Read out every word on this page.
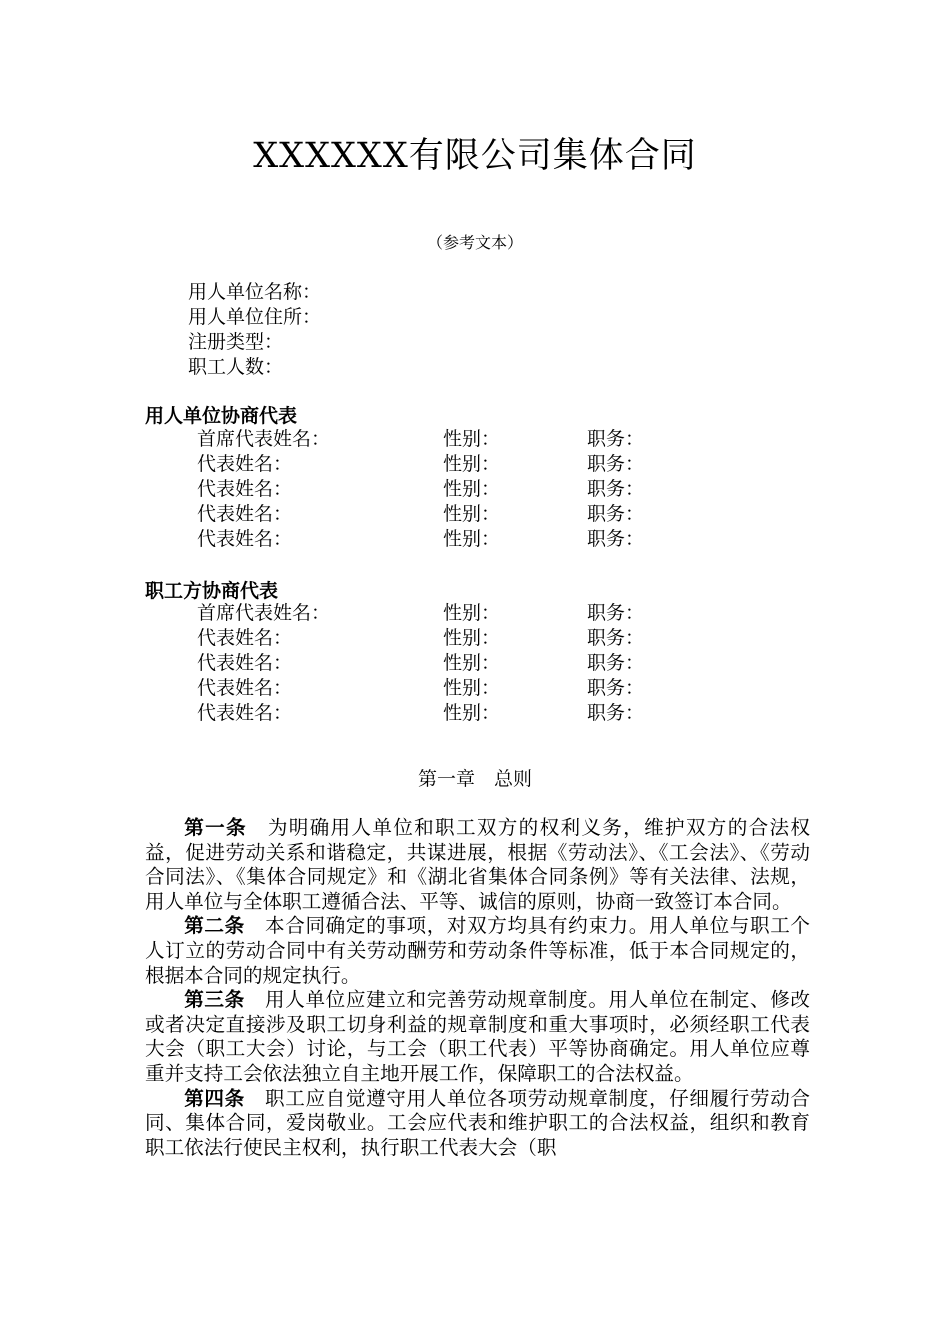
XXXXXX有限公司集体合同
（参考文本）
用人单位名称：
用人单位住所：
注册类型：
职工人数：
用人单位协商代表
首席代表姓名：	性别：	职务：
代表姓名：	性别：	职务：
代表姓名：	性别：	职务：
代表姓名：	性别：	职务：
代表姓名：	性别：	职务：
职工方协商代表
首席代表姓名：	性别：	职务：
代表姓名：	性别：	职务：
代表姓名：	性别：	职务：
代表姓名：	性别：	职务：
代表姓名：	性别：	职务：
第一章　总则

第一条　 为明确用人单位和职工双方的权利义务，维护双方的合法权益，促进劳动关系和谐稳定，共谋进展，根据《劳动法》、《工会法》、《劳动合同法》、《集体合同规定》和《湖北省集体合同条例》等有关法律、法规，用人单位与全体职工遵循合法、平等、诚信的原则，协商一致签订本合同。

第二条　 本合同确定的事项，对双方均具有约束力。用人单位与职工个人订立的劳动合同中有关劳动酬劳和劳动条件等标准，低于本合同规定的，根据本合同的规定执行。

第三条　 用人单位应建立和完善劳动规章制度。用人单位在制定、修改或者决定直接涉及职工切身利益的规章制度和重大事项时，必须经职工代表大会（职工大会）讨论，与工会（职工代表）平等协商确定。用人单位应尊重并支持工会依法独立自主地开展工作，保障职工的合法权益。

第四条　 职工应自觉遵守用人单位各项劳动规章制度，仔细履行劳动合同、集体合同，爱岗敬业。工会应代表和维护职工的合法权益，组织和教育职工依法行使民主权利，执行职工代表大会（职
